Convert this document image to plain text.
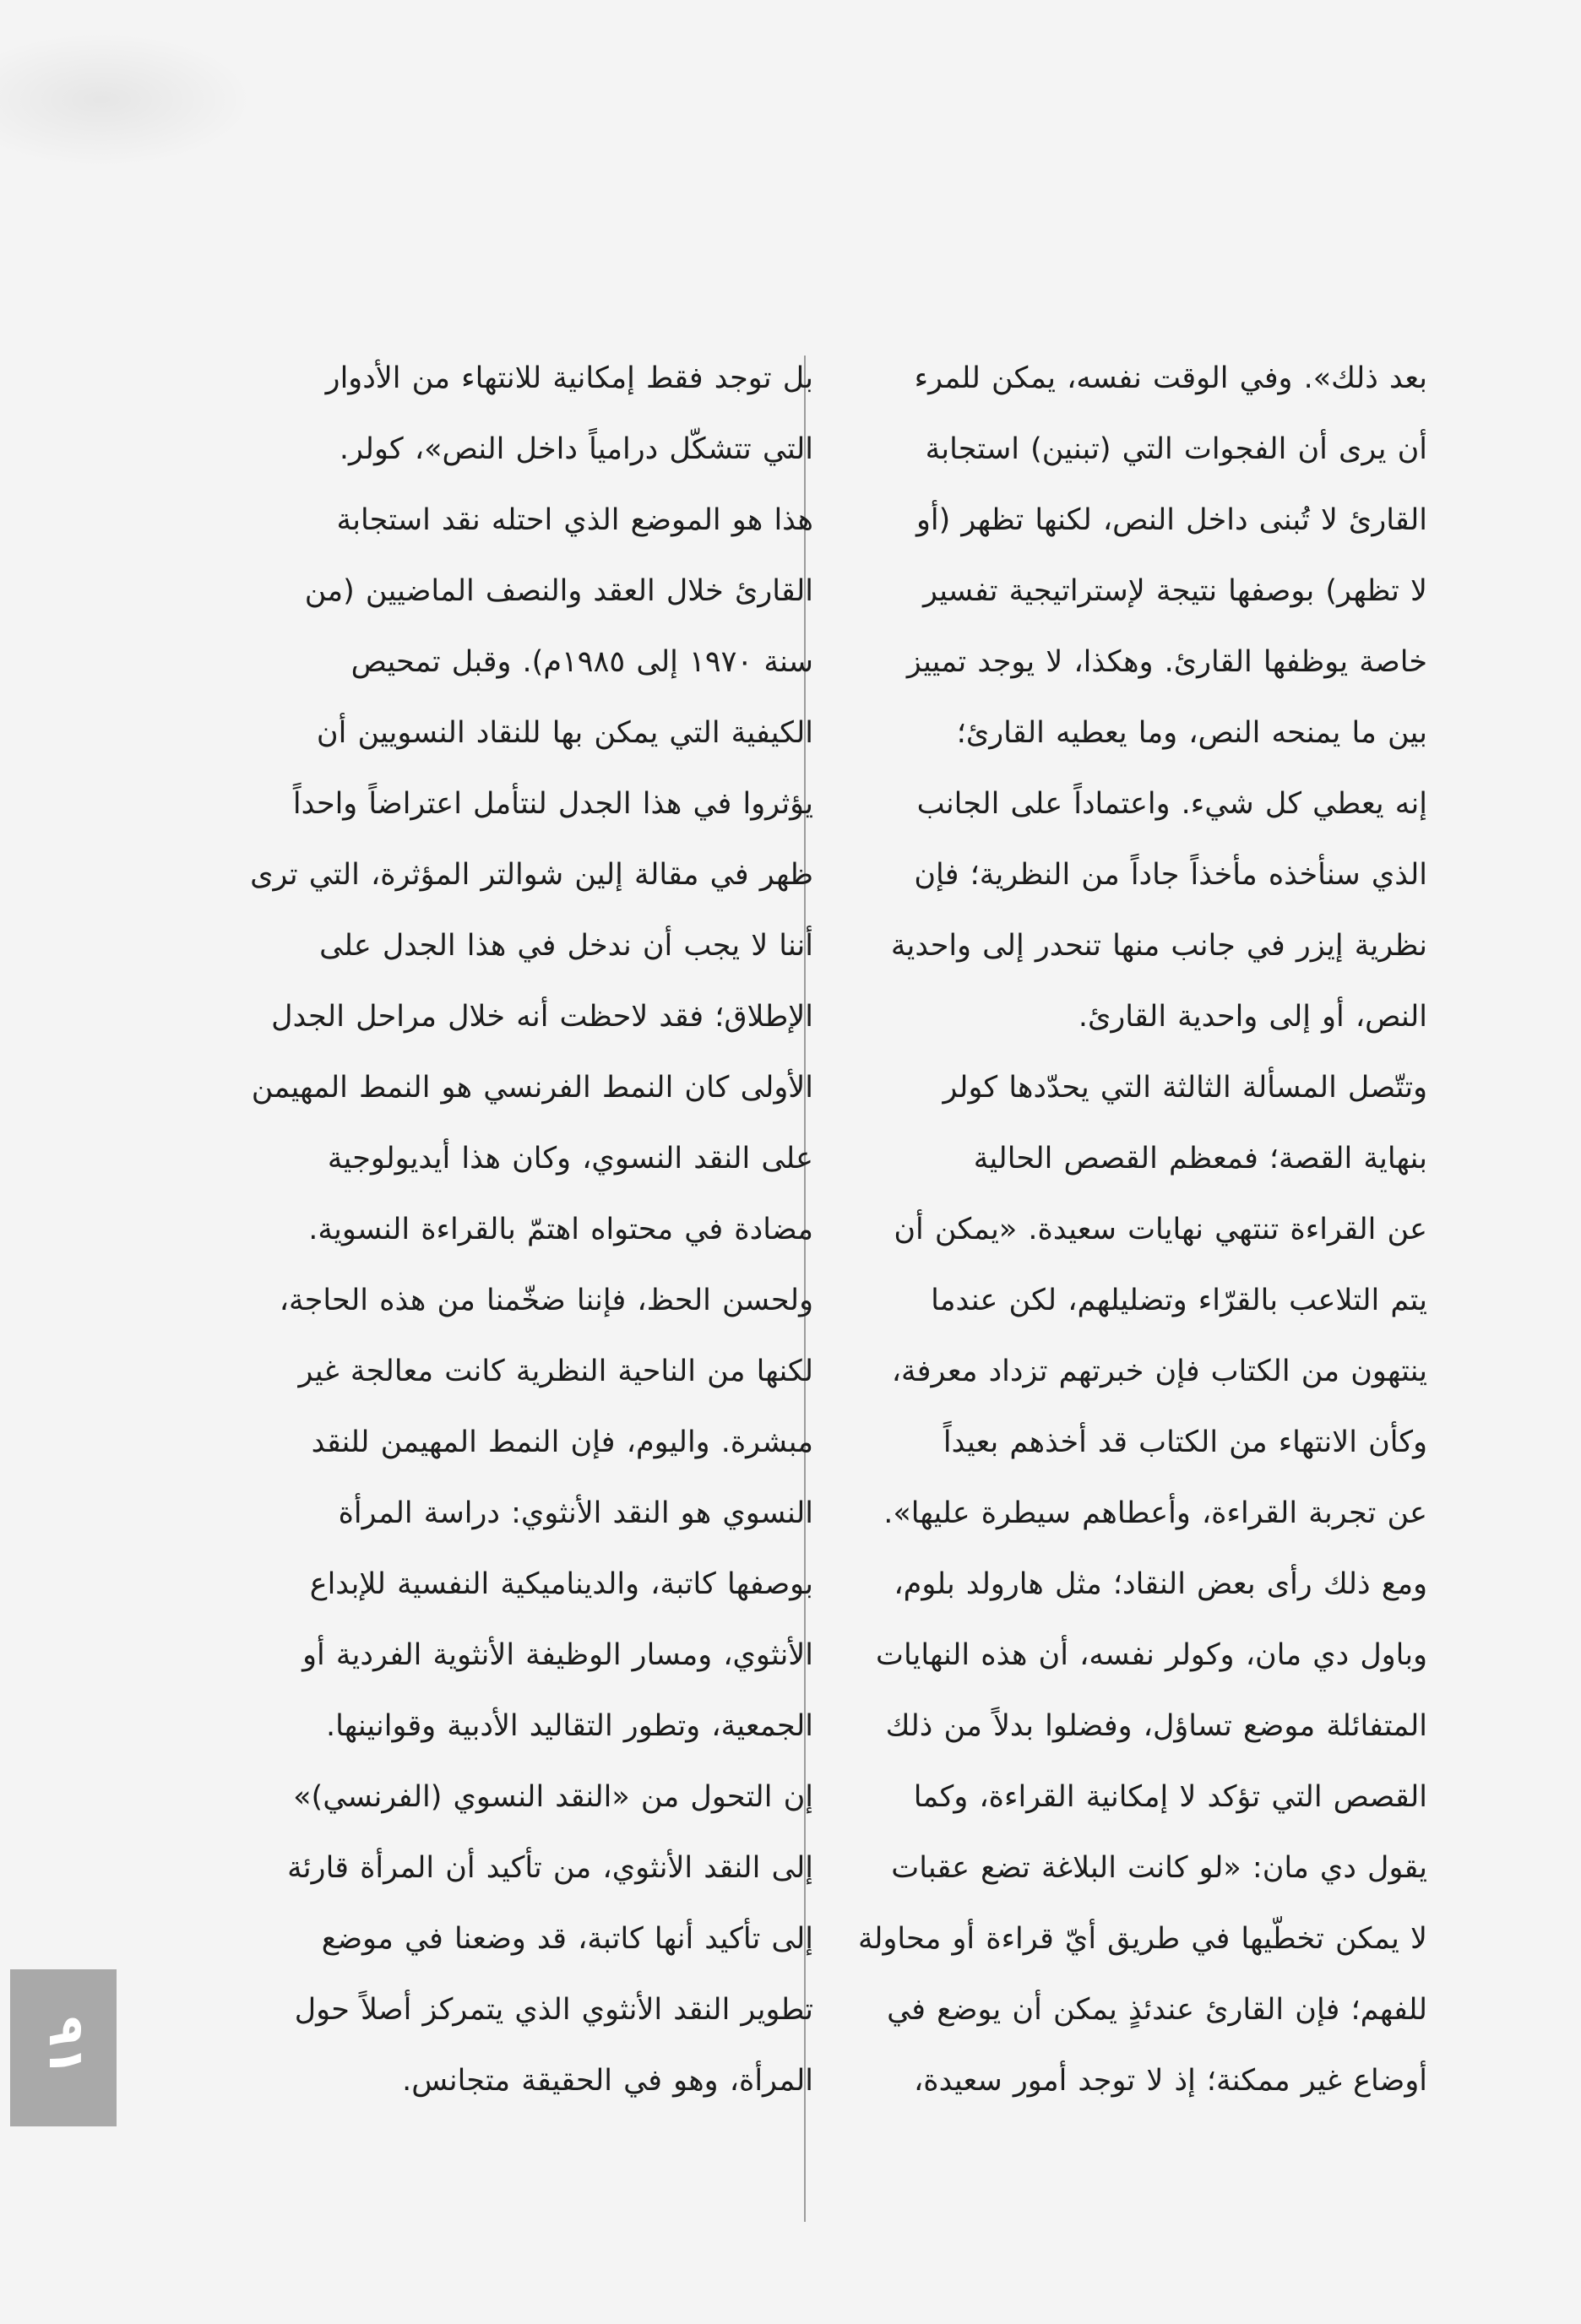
بعد ذلك». وفي الوقت نفسه، يمكن للمرء
أن يرى أن الفجوات التي (تبنين) استجابة
القارئ لا تُبنى داخل النص، لكنها تظهر (أو
لا تظهر) بوصفها نتيجة لإستراتيجية تفسير
خاصة يوظفها القارئ. وهكذا، لا يوجد تمييز
بين ما يمنحه النص، وما يعطيه القارئ؛
إنه يعطي كل شيء. واعتماداً على الجانب
الذي سنأخذه مأخذاً جاداً من النظرية؛ فإن
نظرية إيزر في جانب منها تنحدر إلى واحدية
النص، أو إلى واحدية القارئ.
وتتّصل المسألة الثالثة التي يحدّدها كولر
بنهاية القصة؛ فمعظم القصص الحالية
عن القراءة تنتهي نهايات سعيدة. «يمكن أن
يتم التلاعب بالقرّاء وتضليلهم، لكن عندما
ينتهون من الكتاب فإن خبرتهم تزداد معرفة،
وكأن الانتهاء من الكتاب قد أخذهم بعيداً
عن تجربة القراءة، وأعطاهم سيطرة عليها».
ومع ذلك رأى بعض النقاد؛ مثل هارولد بلوم،
وباول دي مان، وكولر نفسه، أن هذه النهايات
المتفائلة موضع تساؤل، وفضلوا بدلاً من ذلك
القصص التي تؤكد لا إمكانية القراءة، وكما
يقول دي مان: «لو كانت البلاغة تضع عقبات
لا يمكن تخطّيها في طريق أيّ قراءة أو محاولة
للفهم؛ فإن القارئ عندئذٍ يمكن أن يوضع في
أوضاع غير ممكنة؛ إذ لا توجد أمور سعيدة،
بل توجد فقط إمكانية للانتهاء من الأدوار
التي تتشكّل درامياً داخل النص»، كولر.
هذا هو الموضع الذي احتله نقد استجابة
القارئ خلال العقد والنصف الماضيين (من
سنة ١٩٧٠ إلى ١٩٨٥م). وقبل تمحيص
الكيفية التي يمكن بها للنقاد النسويين أن
يؤثروا في هذا الجدل لنتأمل اعتراضاً واحداً
ظهر في مقالة إلين شوالتر المؤثرة، التي ترى
أننا لا يجب أن ندخل في هذا الجدل على
الإطلاق؛ فقد لاحظت أنه خلال مراحل الجدل
الأولى كان النمط الفرنسي هو النمط المهيمن
على النقد النسوي، وكان هذا أيديولوجية
مضادة في محتواه اهتمّ بالقراءة النسوية.
ولحسن الحظ، فإننا ضخّمنا من هذه الحاجة،
لكنها من الناحية النظرية كانت معالجة غير
مبشرة. واليوم، فإن النمط المهيمن للنقد
النسوي هو النقد الأنثوي: دراسة المرأة
بوصفها كاتبة، والديناميكية النفسية للإبداع
الأنثوي، ومسار الوظيفة الأنثوية الفردية أو
الجمعية، وتطور التقاليد الأدبية وقوانينها.
إن التحول من «النقد النسوي (الفرنسي)»
إلى النقد الأنثوي، من تأكيد أن المرأة قارئة
إلى تأكيد أنها كاتبة، قد وضعنا في موضع
تطوير النقد الأنثوي الذي يتمركز أصلاً حول
المرأة، وهو في الحقيقة متجانس.
٩١
